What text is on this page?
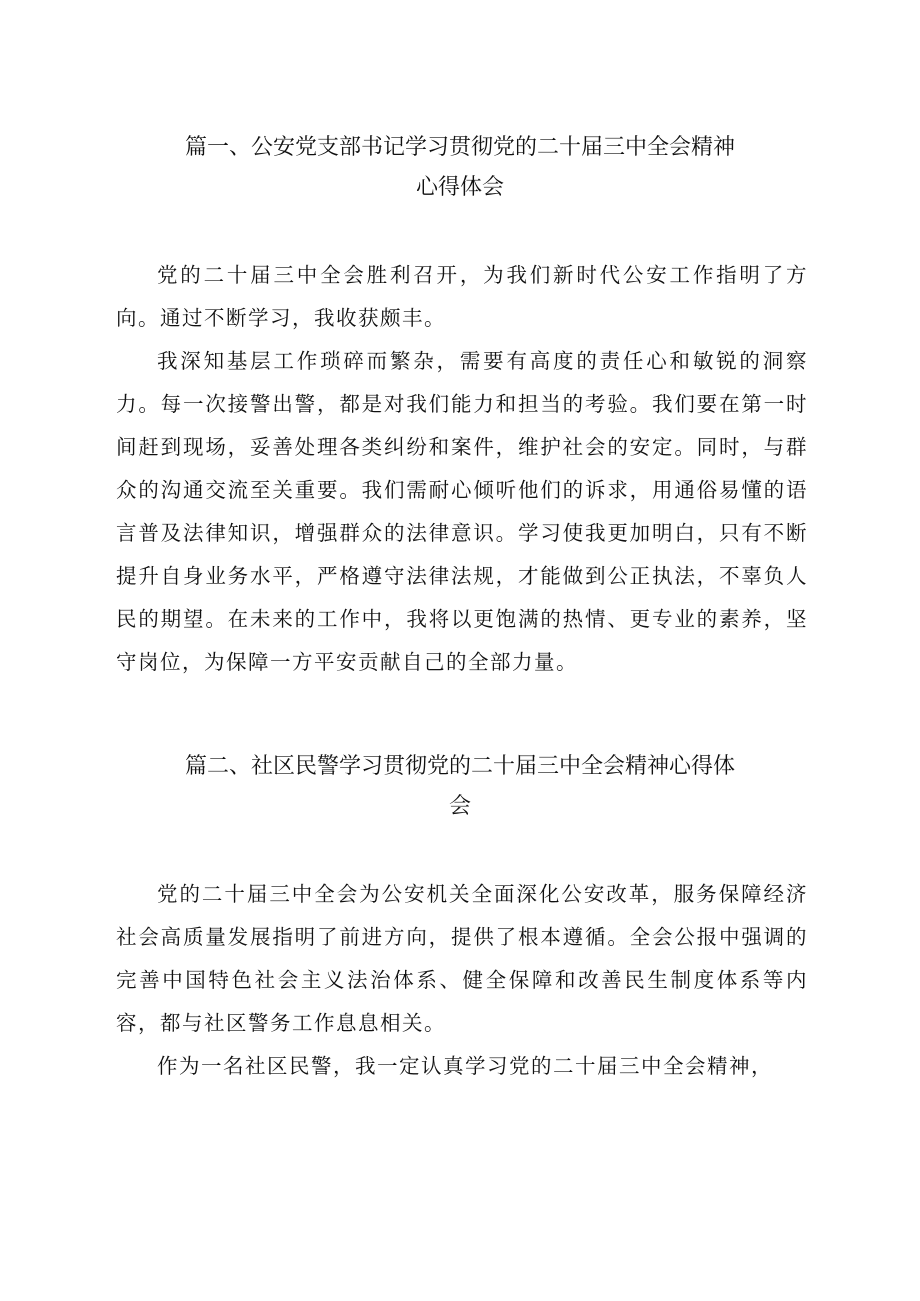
篇一、公安党支部书记学习贯彻党的二十届三中全会精神
心得体会

党的二十届三中全会胜利召开，为我们新时代公安工作指明了方向。通过不断学习，我收获颇丰。

我深知基层工作琐碎而繁杂，需要有高度的责任心和敏锐的洞察力。每一次接警出警，都是对我们能力和担当的考验。我们要在第一时间赶到现场，妥善处理各类纠纷和案件，维护社会的安定。同时，与群众的沟通交流至关重要。我们需耐心倾听他们的诉求，用通俗易懂的语言普及法律知识，增强群众的法律意识。学习使我更加明白，只有不断提升自身业务水平，严格遵守法律法规，才能做到公正执法，不辜负人民的期望。在未来的工作中，我将以更饱满的热情、更专业的素养，坚守岗位，为保障一方平安贡献自己的全部力量。

篇二、社区民警学习贯彻党的二十届三中全会精神心得体
会

党的二十届三中全会为公安机关全面深化公安改革，服务保障经济社会高质量发展指明了前进方向，提供了根本遵循。全会公报中强调的完善中国特色社会主义法治体系、健全保障和改善民生制度体系等内容，都与社区警务工作息息相关。

作为一名社区民警，我一定认真学习党的二十届三中全会精神，
